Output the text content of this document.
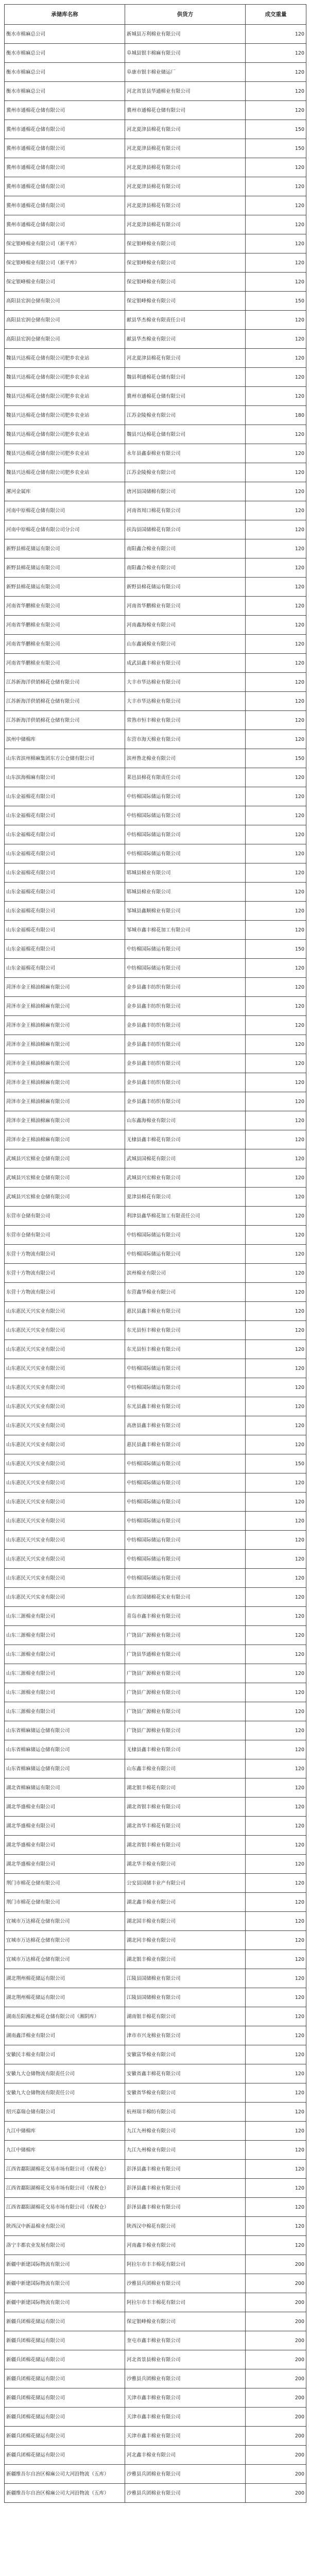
承储库名称	供货方	成交重量
衡水市棉麻总公司	新城县万利棉业有限公司	120
衡水市棉麻总公司	阜城县银丰棉麻有限公司	120
衡水市棉麻总公司	阜康市银丰棉业储运厂	120
衡水市棉麻总公司	河北省景县华通棉业有限公司	120
冀州市通棉花仓储有限公司	冀州市通棉花仓储有限公司	120
冀州市通棉花仓储有限公司	河北夏津县棉花有限公司	150
冀州市通棉花仓储有限公司	河北夏津县棉花有限公司	150
冀州市通棉花仓储有限公司	河北夏津县棉花有限公司	120
冀州市通棉花仓储有限公司	河北夏津县棉花有限公司	120
冀州市通棉花仓储有限公司	河北夏津县棉花有限公司	120
冀州市通棉花仓储有限公司	河北夏津县棉花有限公司	120
保定银峰棉业有限公司（新平库）	保定银峰棉业有限公司	120
保定银峰棉业有限公司（新平库）	保定银峰棉业有限公司	120
保定银峰棉业有限公司	保定银峰棉业有限公司	120
高阳县宏润仓储有限公司	保定银峰棉业有限公司	150
高阳县宏润仓储有限公司	献县华杰棉业有限责任公司	120
高阳县宏润仓储有限公司	献县华杰棉业有限公司	120
魏县兴达棉花仓储有限公司肥乡农业站	河北夏津县棉花有限公司	120
魏县兴达棉花仓储有限公司肥乡农业站	魏县利通棉花仓储有限公司	120
魏县兴达棉花仓储有限公司肥乡农业站	冀州市通棉花仓储有限公司	120
魏县兴达棉花仓储有限公司肥乡农业站	江苏金陵棉业有限公司	180
魏县兴达棉花仓储有限公司肥乡农业站	魏县兴达棉花仓储有限公司	120
魏县兴达棉花仓储有限公司肥乡农业站	永年县鑫泰棉业有限公司	120
魏县兴达棉花仓储有限公司肥乡农业站	江苏金陵棉业有限公司	120
漯河金属库	唐河县国储棉有限公司	120
河南中原棉花仓储有限公司	河南省周口棉花有限公司	120
河南中原棉花仓储有限公司分公司	扶沟县国储棉花有限公司	120
新野县棉花储运有限公司	南阳鑫合棉业有限公司	120
新野县棉花储运有限公司	南阳鑫合棉业有限公司	120
新野县棉花储运有限公司	新野县棉花储运有限公司	120
河南省华鹏棉业有限公司	河南省华鹏棉业有限公司	120
河南省华鹏棉业有限公司	河南鑫海棉业有限公司	120
河南省华鹏棉业有限公司	山东鑫诚棉业有限公司	120
河南省华鹏棉业有限公司	成武县鑫丰棉业有限公司	120
江苏新海洋供销棉花仓储有限公司	大丰市华达棉业有限公司	120
江苏新海洋供销棉花仓储有限公司	大丰市华达棉业有限公司	120
江苏新海洋供销棉花仓储有限公司	常熟市恒丰棉业有限公司	120
滨州中储棉库	东营市海天棉业有限公司	120
山东省滨州棉麻集团东方公仓储有限公司	滨州鲁北棉业有限公司	150
山东滨海棉麻有限公司	莱邑县棉花有限责任公司	120
山东金福棉花有限公司	中纺棉国际储运有限公司	120
山东金福棉花有限公司	中纺棉国际储运有限公司	120
山东金福棉花有限公司	中纺棉国际储运有限公司	120
山东金福棉花有限公司	中纺棉国际储运有限公司	120
山东金福棉花有限公司	郓城县棉业有限公司	120
山东金福棉花有限公司	郓城县棉业有限公司	120
山东金福棉花有限公司	邹城县鑫顺棉业有限公司	120
山东金福棉花有限公司	邹城市鑫丰棉花加工有限公司	120
山东金福棉花有限公司	中纺棉国际储运有限公司	150
山东金福棉花有限公司	中纺棉国际储运有限公司	120
菏泽市金王棉油棉麻有限公司	金乡县鑫丰纺织有限公司	120
菏泽市金王棉油棉麻有限公司	金乡县鑫丰纺织有限公司	120
菏泽市金王棉油棉麻有限公司	金乡县鑫丰纺织有限公司	120
菏泽市金王棉油棉麻有限公司	金乡县鑫丰纺织有限公司	120
菏泽市金王棉油棉麻有限公司	金乡县鑫丰纺织有限公司	120
菏泽市金王棉油棉麻有限公司	金乡县鑫丰纺织有限公司	120
菏泽市金王棉油棉麻有限公司	金乡县鑫丰纺织有限公司	120
菏泽市金王棉油棉麻有限公司	山东鑫海棉业有限公司	120
菏泽市金王棉油棉麻有限公司	无棣县鑫丰棉花有限公司	120
武城县兴宏棉业仓储有限公司	武城县国棉花有限公司	120
武城县兴宏棉业仓储有限公司	武城县兴宏棉业有限公司	120
武城县兴宏棉业仓储有限公司	夏津县棉花有限公司	120
东营市仓储有限公司	利津县鑫华棉花加工有限责任公司	120
东营市仓储有限公司	中纺棉国际储运有限公司	120
东营十方物流有限公司	中纺棉国际储运有限公司	120
东营十方物流有限公司	滨州棉业有限公司	120
东营十方物流有限公司	东营鑫华棉业有限公司	120
山东惠民天兴实业有限公司	惠民县鑫丰棉业有限公司	120
山东惠民天兴实业有限公司	东光县恒丰棉业有限公司	120
山东惠民天兴实业有限公司	东光县恒丰棉业有限公司	120
山东惠民天兴实业有限公司	中纺棉国际储运有限公司	120
山东惠民天兴实业有限公司	中纺棉国际储运有限公司	120
山东惠民天兴实业有限公司	东光县鑫丰棉业有限公司	120
山东惠民天兴实业有限公司	高唐县鑫丰棉业有限公司	120
山东惠民天兴实业有限公司	惠民县鑫丰棉业有限公司	120
山东惠民天兴实业有限公司	中纺棉国际储运有限公司	150
山东惠民天兴实业有限公司	中纺棉国际储运有限公司	120
山东惠民天兴实业有限公司	中纺棉国际储运有限公司	120
山东惠民天兴实业有限公司	中纺棉国际储运有限公司	120
山东惠民天兴实业有限公司	中纺棉国际储运有限公司	120
山东惠民天兴实业有限公司	中纺棉国际储运有限公司	120
山东惠民天兴实业有限公司	中纺棉国际储运有限公司	120
山东惠民天兴实业有限公司	山东省国储棉花实业有限公司	120
山东三源棉业有限公司	青岛市鑫丰棉业有限公司	120
山东三源棉业有限公司	广饶县广源棉业有限公司	120
山东三源棉业有限公司	广饶县华通棉业有限公司	120
山东三源棉业有限公司	广饶县广源棉业有限公司	120
山东三源棉业有限公司	广饶县广源棉业有限公司	120
山东三源棉业有限公司	广饶县广源棉业有限公司	120
山东省棉麻储运仓储有限公司	广饶县广源棉业有限公司	120
山东省棉麻储运仓储有限公司	无棣县鑫丰棉业有限公司	120
山东省棉麻储运仓储有限公司	山东鑫丰棉业有限公司	120
湖北省棉麻储运有限公司	湖北银丰棉花有限公司	120
湖北华盛棉业有限公司	湖北省银丰棉业有限公司	120
湖北华盛棉业有限公司	湖北省华丰棉花有限公司	120
湖北华盛棉业有限公司	湖北省银丰棉业有限公司	120
湖北华盛棉业有限公司	湖北华丰棉业有限公司	120
荆门市棉花仓储有限公司	公安县国储丰业产有限公司	120
荆门市棉花仓储有限公司	湖北鑫丰棉业有限公司	120
宜城市万达棉花仓储有限公司	湖北国丰棉业有限公司	120
宜城市万达棉花仓储有限公司	湖北同丰棉业有限公司	120
宜城市万达棉花仓储有限公司	湖北银丰棉业有限公司	120
湖北荆州棉花储运有限公司	江陵县国储棉业有限公司	120
湖北荆州棉花储运有限公司	江陵县国储棉业有限公司	120
湖南岳阳湘北棉花仓储有限公司（湘阴库）	湖南银丰棉花有限公司	120
湖南鑫洋棉业有限公司	津市市兴龙棉业有限公司	120
安徽民丰棉业有限公司	安徽富华棉业有限公司	120
安徽九大仓储物流有限责任公司	安徽省鑫丰棉花有限公司	120
安徽九大仓储物流有限责任公司	安徽省华棉业有限公司	120
绍兴嘉瑞仓储有限公司	杭州瑞丰棉纺有限公司	120
九江中储棉库	九江九州棉业有限公司	120
九江中储棉库	九江九州棉业有限公司	120
江西省鄱阳湖棉花交易市场有限公司（保税仓）	彭泽县鑫丰棉业有限公司	120
江西省鄱阳湖棉花交易市场有限公司（保税仓）	彭泽县鑫丰棉业有限公司	120
江西省鄱阳湖棉花交易市场有限公司（保税仓）	彭泽县鑫丰棉业有限公司	120
陕西汉中新晶棉业有限公司	陕西汉中棉花有限公司	120
洛宁丰都农业发展有限公司	河南鑫丰棉业有限公司	120
新疆中新建国际物流有限公司	阿拉尔市丰丰棉花有限公司	200
新疆中新建国际物流有限公司	沙雅县兵团棉业有限公司	200
新疆中新建国际物流有限公司	阿拉尔市丰丰棉花有限公司	200
新疆兵团棉花储运有限公司	保定银峰棉业有限公司	200
新疆兵团棉花储运有限公司	奎屯市鑫丰棉业有限公司	200
新疆兵团棉花储运有限公司	河北省景县棉业有限公司	200
新疆兵团棉花储运有限公司	沙雅县兵团棉业有限公司	200
新疆兵团棉花储运有限公司	天津市鑫丰棉业有限公司	200
新疆兵团棉花储运有限公司	天津市鑫丰棉业有限公司	200
新疆兵团棉花储运有限公司	天津市鑫丰棉业有限公司	200
新疆兵团棉花储运有限公司	河北鑫丰棉业有限公司	200
新疆维吾尔自治区棉麻公司大河沿物流（五库）	沙雅县兵团棉业有限公司	200
新疆维吾尔自治区棉麻公司大河沿物流（五库）	沙雅县兵团棉业有限公司	200
